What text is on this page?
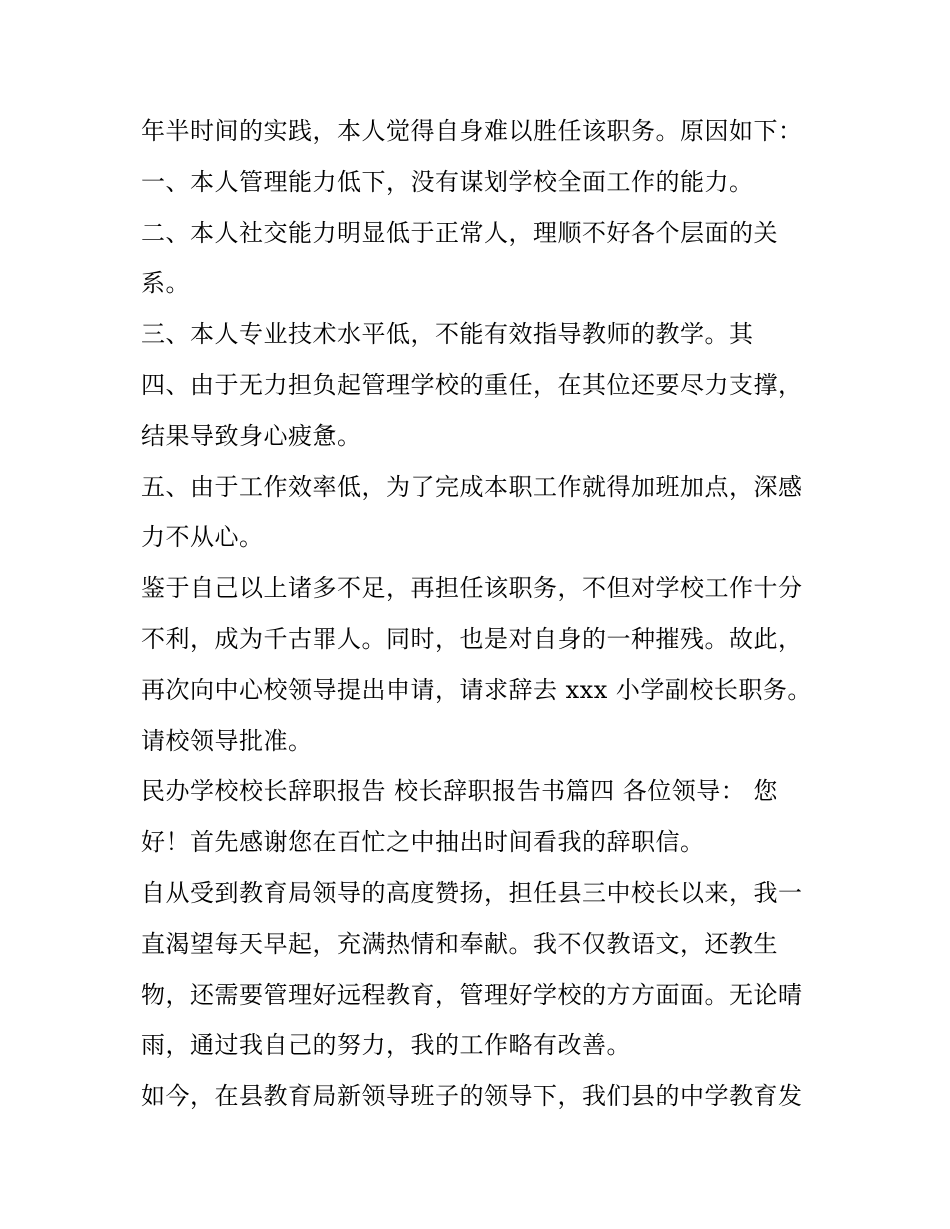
年半时间的实践，本人觉得自身难以胜任该职务。原因如下：
一、本人管理能力低下，没有谋划学校全面工作的能力。
二、本人社交能力明显低于正常人，理顺不好各个层面的关
系。
三、本人专业技术水平低，不能有效指导教师的教学。其
四、由于无力担负起管理学校的重任，在其位还要尽力支撑，
结果导致身心疲惫。
五、由于工作效率低，为了完成本职工作就得加班加点，深感
力不从心。
鉴于自己以上诸多不足，再担任该职务，不但对学校工作十分
不利，成为千古罪人。同时，也是对自身的一种摧残。故此，
再次向中心校领导提出申请，请求辞去 xxx 小学副校长职务。
请校领导批准。
民办学校校长辞职报告 校长辞职报告书篇四 各位领导： 您
好！首先感谢您在百忙之中抽出时间看我的辞职信。
自从受到教育局领导的高度赞扬，担任县三中校长以来，我一
直渴望每天早起，充满热情和奉献。我不仅教语文，还教生
物，还需要管理好远程教育，管理好学校的方方面面。无论晴
雨，通过我自己的努力，我的工作略有改善。
如今，在县教育局新领导班子的领导下，我们县的中学教育发
